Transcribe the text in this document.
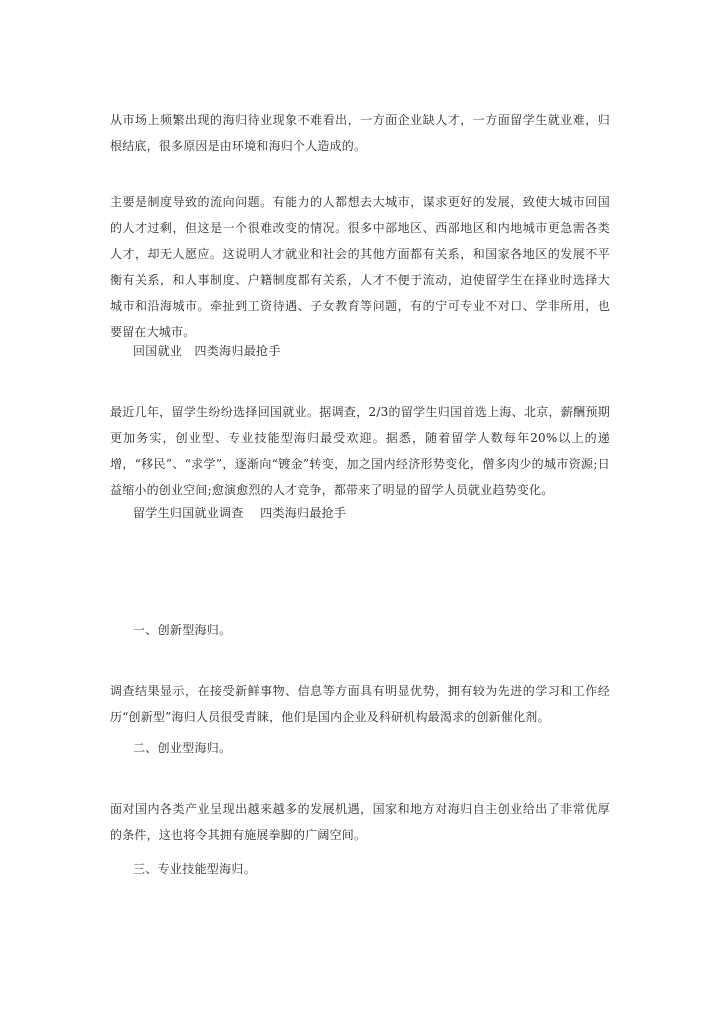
从市场上频繁出现的海归待业现象不难看出，一方面企业缺人才，一方面留学生就业难，归根结底，很多原因是由环境和海归个人造成的。

主要是制度导致的流向问题。有能力的人都想去大城市，谋求更好的发展，致使大城市回国的人才过剩，但这是一个很难改变的情况。很多中部地区、西部地区和内地城市更急需各类人才，却无人愿应。这说明人才就业和社会的其他方面都有关系，和国家各地区的发展不平衡有关系，和人事制度、户籍制度都有关系，人才不便于流动，迫使留学生在择业时选择大城市和沿海城市。牵扯到工资待遇、子女教育等问题，有的宁可专业不对口、学非所用，也要留在大城市。

回国就业   四类海归最抢手

最近几年，留学生纷纷选择回国就业。据调查，2/3的留学生归国首选上海、北京，薪酬预期更加务实，创业型、专业技能型海归最受欢迎。据悉，随着留学人数每年20%以上的递增，“移民”、“求学”，逐渐向“镀金”转变，加之国内经济形势变化，僧多肉少的城市资源;日益缩小的创业空间;愈演愈烈的人才竞争，都带来了明显的留学人员就业趋势变化。

留学生归国就业调查    四类海归最抢手

一、创新型海归。

调查结果显示，在接受新鲜事物、信息等方面具有明显优势，拥有较为先进的学习和工作经历“创新型”海归人员很受青睐，他们是国内企业及科研机构最渴求的创新催化剂。

二、创业型海归。

面对国内各类产业呈现出越来越多的发展机遇，国家和地方对海归自主创业给出了非常优厚的条件，这也将令其拥有施展拳脚的广阔空间。

三、专业技能型海归。
